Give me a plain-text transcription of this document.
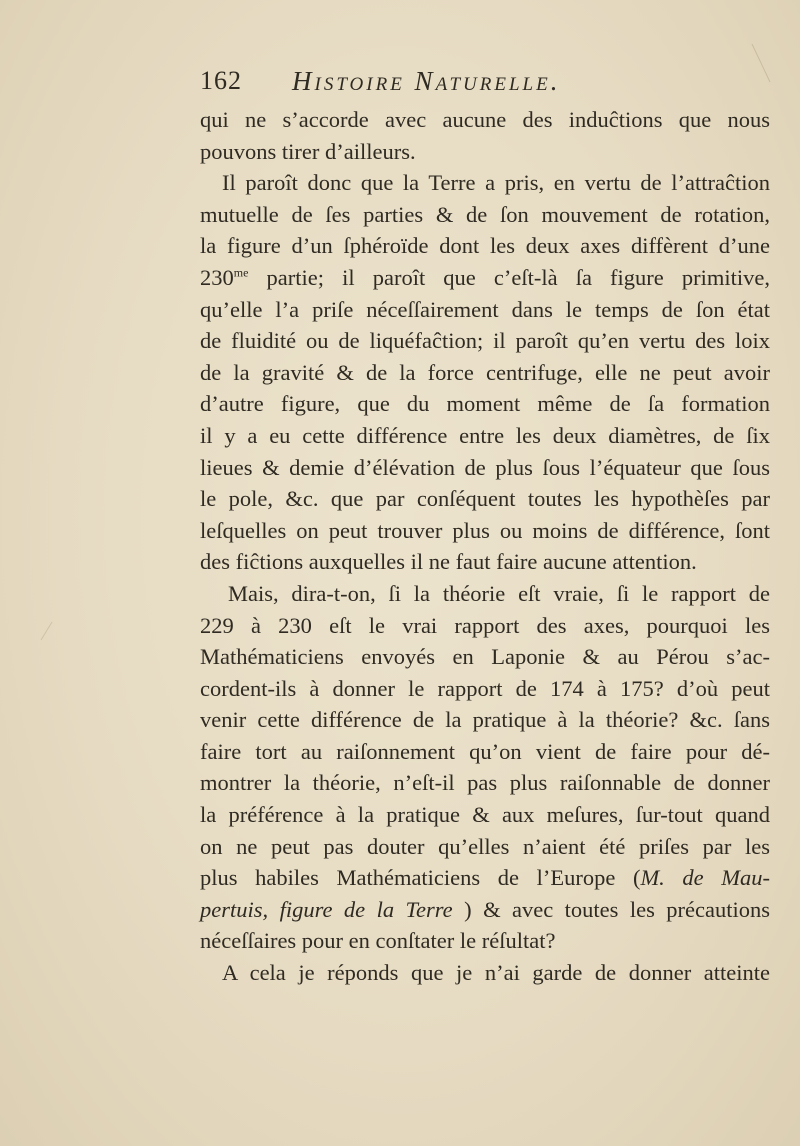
162 Histoire Naturelle.
qui ne s’accorde avec aucune des induĉtions que nous
pouvons tirer d’ailleurs.
Il paroît donc que la Terre a pris, en vertu de l’attraĉtion
mutuelle de ſes parties & de ſon mouvement de rotation,
la figure d’un ſphéroïde dont les deux axes diffèrent d’une
$230^{me}$ partie; il paroît que c’eſt-là ſa figure primitive,
qu’elle l’a priſe néceſſairement dans le temps de ſon état
de fluidité ou de liquéfaĉtion; il paroît qu’en vertu des loix
de la gravité & de la force centrifuge, elle ne peut avoir
d’autre figure, que du moment même de ſa formation
il y a eu cette différence entre les deux diamètres, de ſix
lieues & demie d’élévation de plus ſous l’équateur que ſous
le pole, &c. que par conſéquent toutes les hypothèſes par
leſquelles on peut trouver plus ou moins de différence, ſont
des fiĉtions auxquelles il ne faut faire aucune attention.
Mais, dira-t-on, ſi la théorie eſt vraie, ſi le rapport de
229 à 230 eſt le vrai rapport des axes, pourquoi les
Mathématiciens envoyés en Laponie & au Pérou s’ac-
cordent-ils à donner le rapport de 174 à 175? d’où peut
venir cette différence de la pratique à la théorie? &c. ſans
faire tort au raiſonnement qu’on vient de faire pour dé-
montrer la théorie, n’eſt-il pas plus raiſonnable de donner
la préférence à la pratique & aux meſures, ſur-tout quand
on ne peut pas douter qu’elles n’aient été priſes par les
plus habiles Mathématiciens de l’Europe (M. de Mau-
pertuis, figure de la Terre ) & avec toutes les précautions
néceſſaires pour en conſtater le réſultat?
A cela je réponds que je n’ai garde de donner atteinte
